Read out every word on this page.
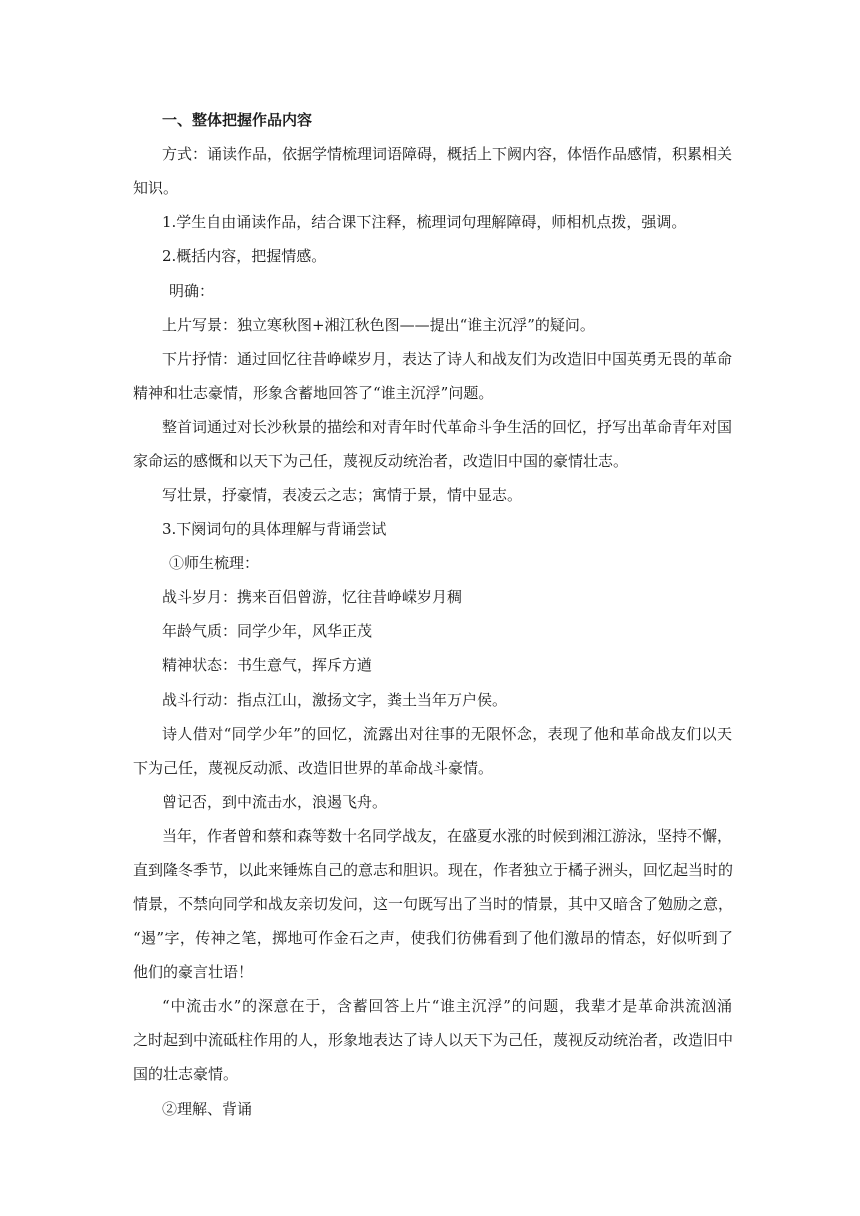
一、整体把握作品内容
方式：诵读作品，依据学情梳理词语障碍，概括上下阙内容，体悟作品感情，积累相关
知识。
1.学生自由诵读作品，结合课下注释，梳理词句理解障碍，师相机点拨，强调。
2.概括内容，把握情感。
明确：
上片写景：独立寒秋图+湘江秋色图——提出“谁主沉浮”的疑问。
下片抒情：通过回忆往昔峥嵘岁月，表达了诗人和战友们为改造旧中国英勇无畏的革命
精神和壮志豪情，形象含蓄地回答了“谁主沉浮”问题。
整首词通过对长沙秋景的描绘和对青年时代革命斗争生活的回忆，抒写出革命青年对国
家命运的感慨和以天下为己任，蔑视反动统治者，改造旧中国的豪情壮志。
写壮景，抒豪情，表凌云之志；寓情于景，情中显志。
3.下阕词句的具体理解与背诵尝试
①师生梳理：
战斗岁月：携来百侣曾游，忆往昔峥嵘岁月稠
年龄气质：同学少年，风华正茂
精神状态：书生意气，挥斥方遒
战斗行动：指点江山，激扬文字，粪土当年万户侯。
诗人借对“同学少年”的回忆，流露出对往事的无限怀念，表现了他和革命战友们以天
下为己任，蔑视反动派、改造旧世界的革命战斗豪情。
曾记否，到中流击水，浪遏飞舟。
当年，作者曾和蔡和森等数十名同学战友，在盛夏水涨的时候到湘江游泳，坚持不懈，
直到隆冬季节，以此来锤炼自己的意志和胆识。现在，作者独立于橘子洲头，回忆起当时的
情景，不禁向同学和战友亲切发问，这一句既写出了当时的情景，其中又暗含了勉励之意，
“遏”字，传神之笔，掷地可作金石之声，使我们彷佛看到了他们激昂的情态，好似听到了
他们的豪言壮语！
“中流击水”的深意在于，含蓄回答上片“谁主沉浮”的问题，我辈才是革命洪流汹涌
之时起到中流砥柱作用的人，形象地表达了诗人以天下为己任，蔑视反动统治者，改造旧中
国的壮志豪情。
②理解、背诵
